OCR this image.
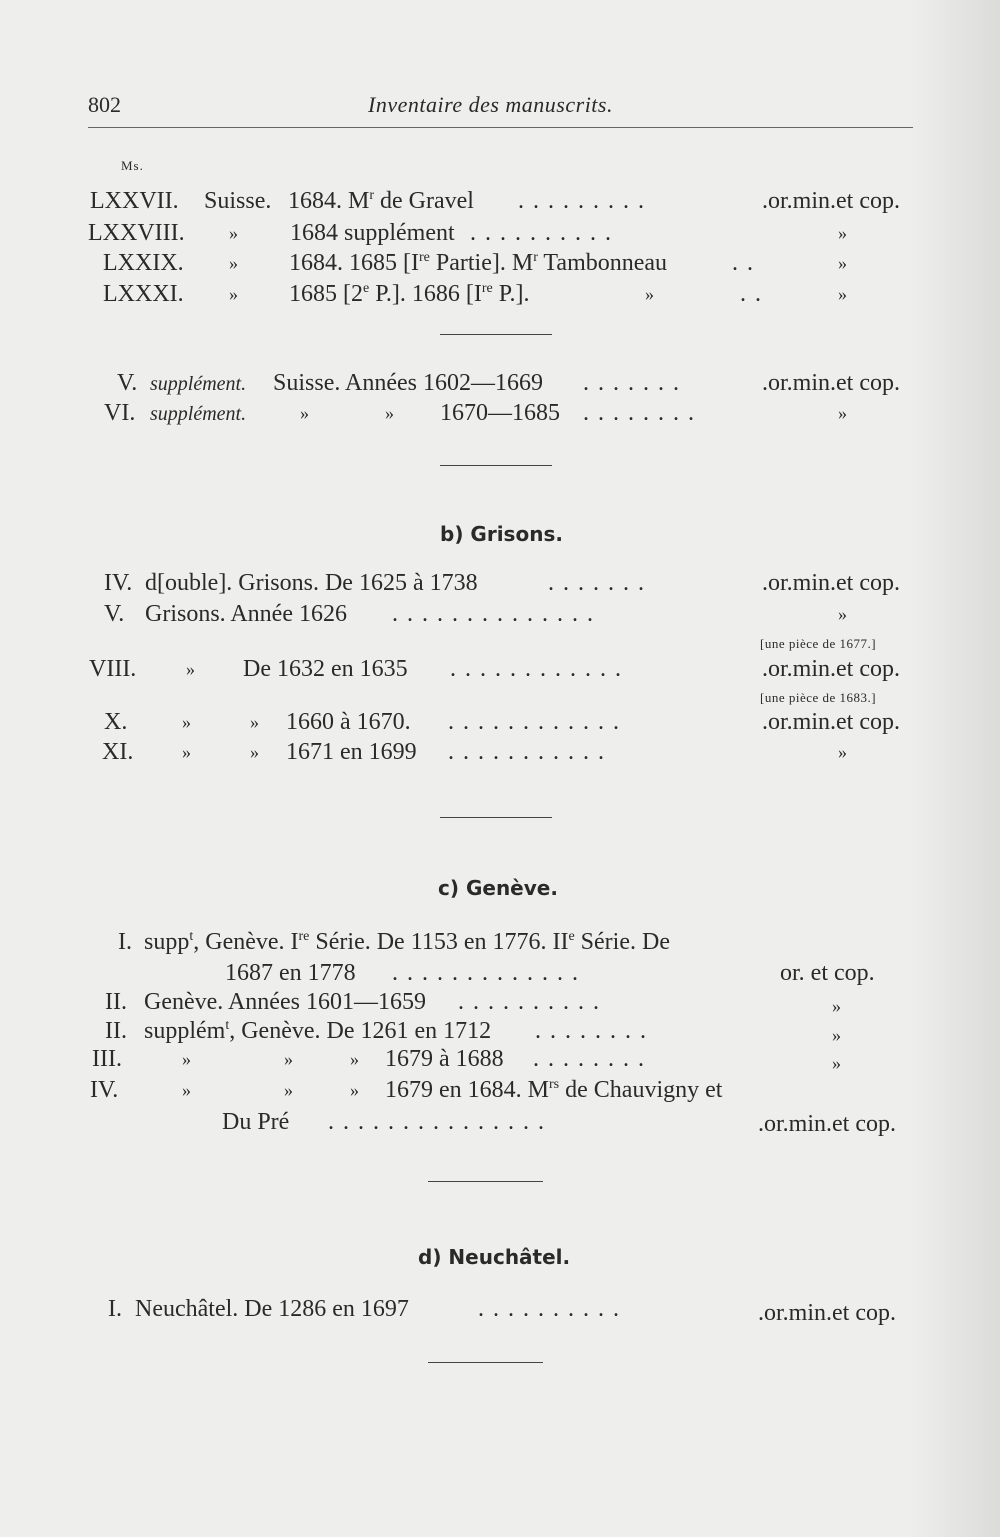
802	Inventaire des manuscrits.
Ms.
LXXVII. Suisse. 1684. $M^r$ de Gravel .........	.or.min.et cop.
LXXVIII. » 1684 supplément ..........	»
LXXIX.	» 1684. 1685 [Ire Partie]. $M^r$ Tambonneau	..	»
LXXXI.	» 1685 [2e P.]. 1686 [Ire P.].	»	..	»
V. supplément. Suisse. Années 1602—1669 .......	.or.min.et cop.
VI. supplément.	»	» 1670—1685 ........	»
b) Grisons.
IV. d[ouble]. Grisons. De 1625 à 1738	.......	.or.min.et cop.
V. Grisons. Année 1626 ..............	»
[une pièce de 1677.]
VIII.	» De 1632 en 1635 ............	.or.min.et cop.
[une pièce de 1683.]
X.	»	» 1660 à 1670. ............	.or.min.et cop.
XI.	»	» 1671 en 1699 ...........	»
c) Genève.
I. supp$^t$, Genève. Ire Série. De 1153 en 1776. IIe Série. De
1687 en 1778 .............	or. et cop.
II. Genève. Années 1601—1659 ..........	»
II. supplém$^t$, Genève. De 1261 en 1712 ........	»
III.	»	»	» 1679 à 1688 ........	»
IV.	»	»	» 1679 en 1684. $M^{rs}$ de Chauvigny et
Du Pré ...............	.or.min.et cop.
d) Neuchâtel.
I. Neuchâtel. De 1286 en 1697	..........	.or.min.et cop.
